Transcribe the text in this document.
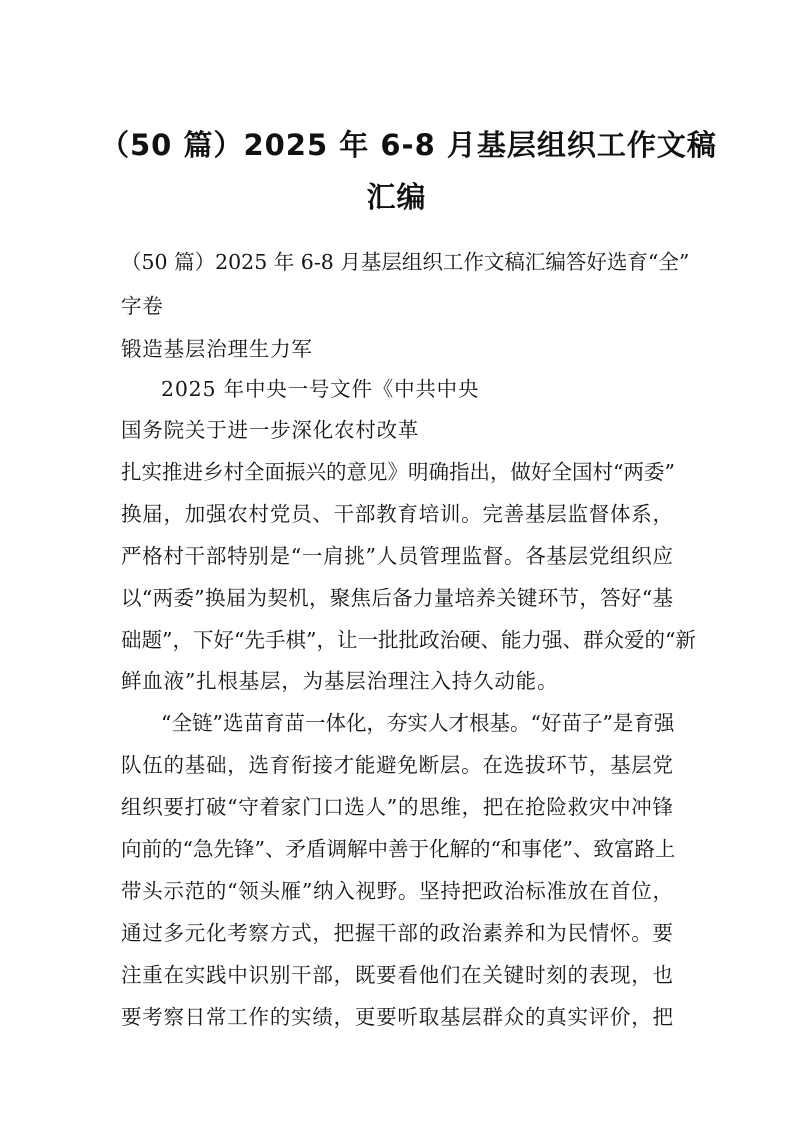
（50 篇）2025 年 6-8 月基层组织工作文稿
汇编
（50 篇）2025 年 6-8 月基层组织工作文稿汇编答好选育“全”
字卷
锻造基层治理生力军
2025 年中央一号文件《中共中央
国务院关于进一步深化农村改革
扎实推进乡村全面振兴的意见》明确指出，做好全国村“两委”
换届，加强农村党员、干部教育培训。完善基层监督体系，
严格村干部特别是“一肩挑”人员管理监督。各基层党组织应
以“两委”换届为契机，聚焦后备力量培养关键环节，答好“基
础题”，下好“先手棋”，让一批批政治硬、能力强、群众爱的“新
鲜血液”扎根基层，为基层治理注入持久动能。
“全链”选苗育苗一体化，夯实人才根基。“好苗子”是育强
队伍的基础，选育衔接才能避免断层。在选拔环节，基层党
组织要打破“守着家门口选人”的思维，把在抢险救灾中冲锋
向前的“急先锋”、矛盾调解中善于化解的“和事佬”、致富路上
带头示范的“领头雁”纳入视野。坚持把政治标准放在首位，
通过多元化考察方式，把握干部的政治素养和为民情怀。要
注重在实践中识别干部，既要看他们在关键时刻的表现，也
要考察日常工作的实绩，更要听取基层群众的真实评价，把
